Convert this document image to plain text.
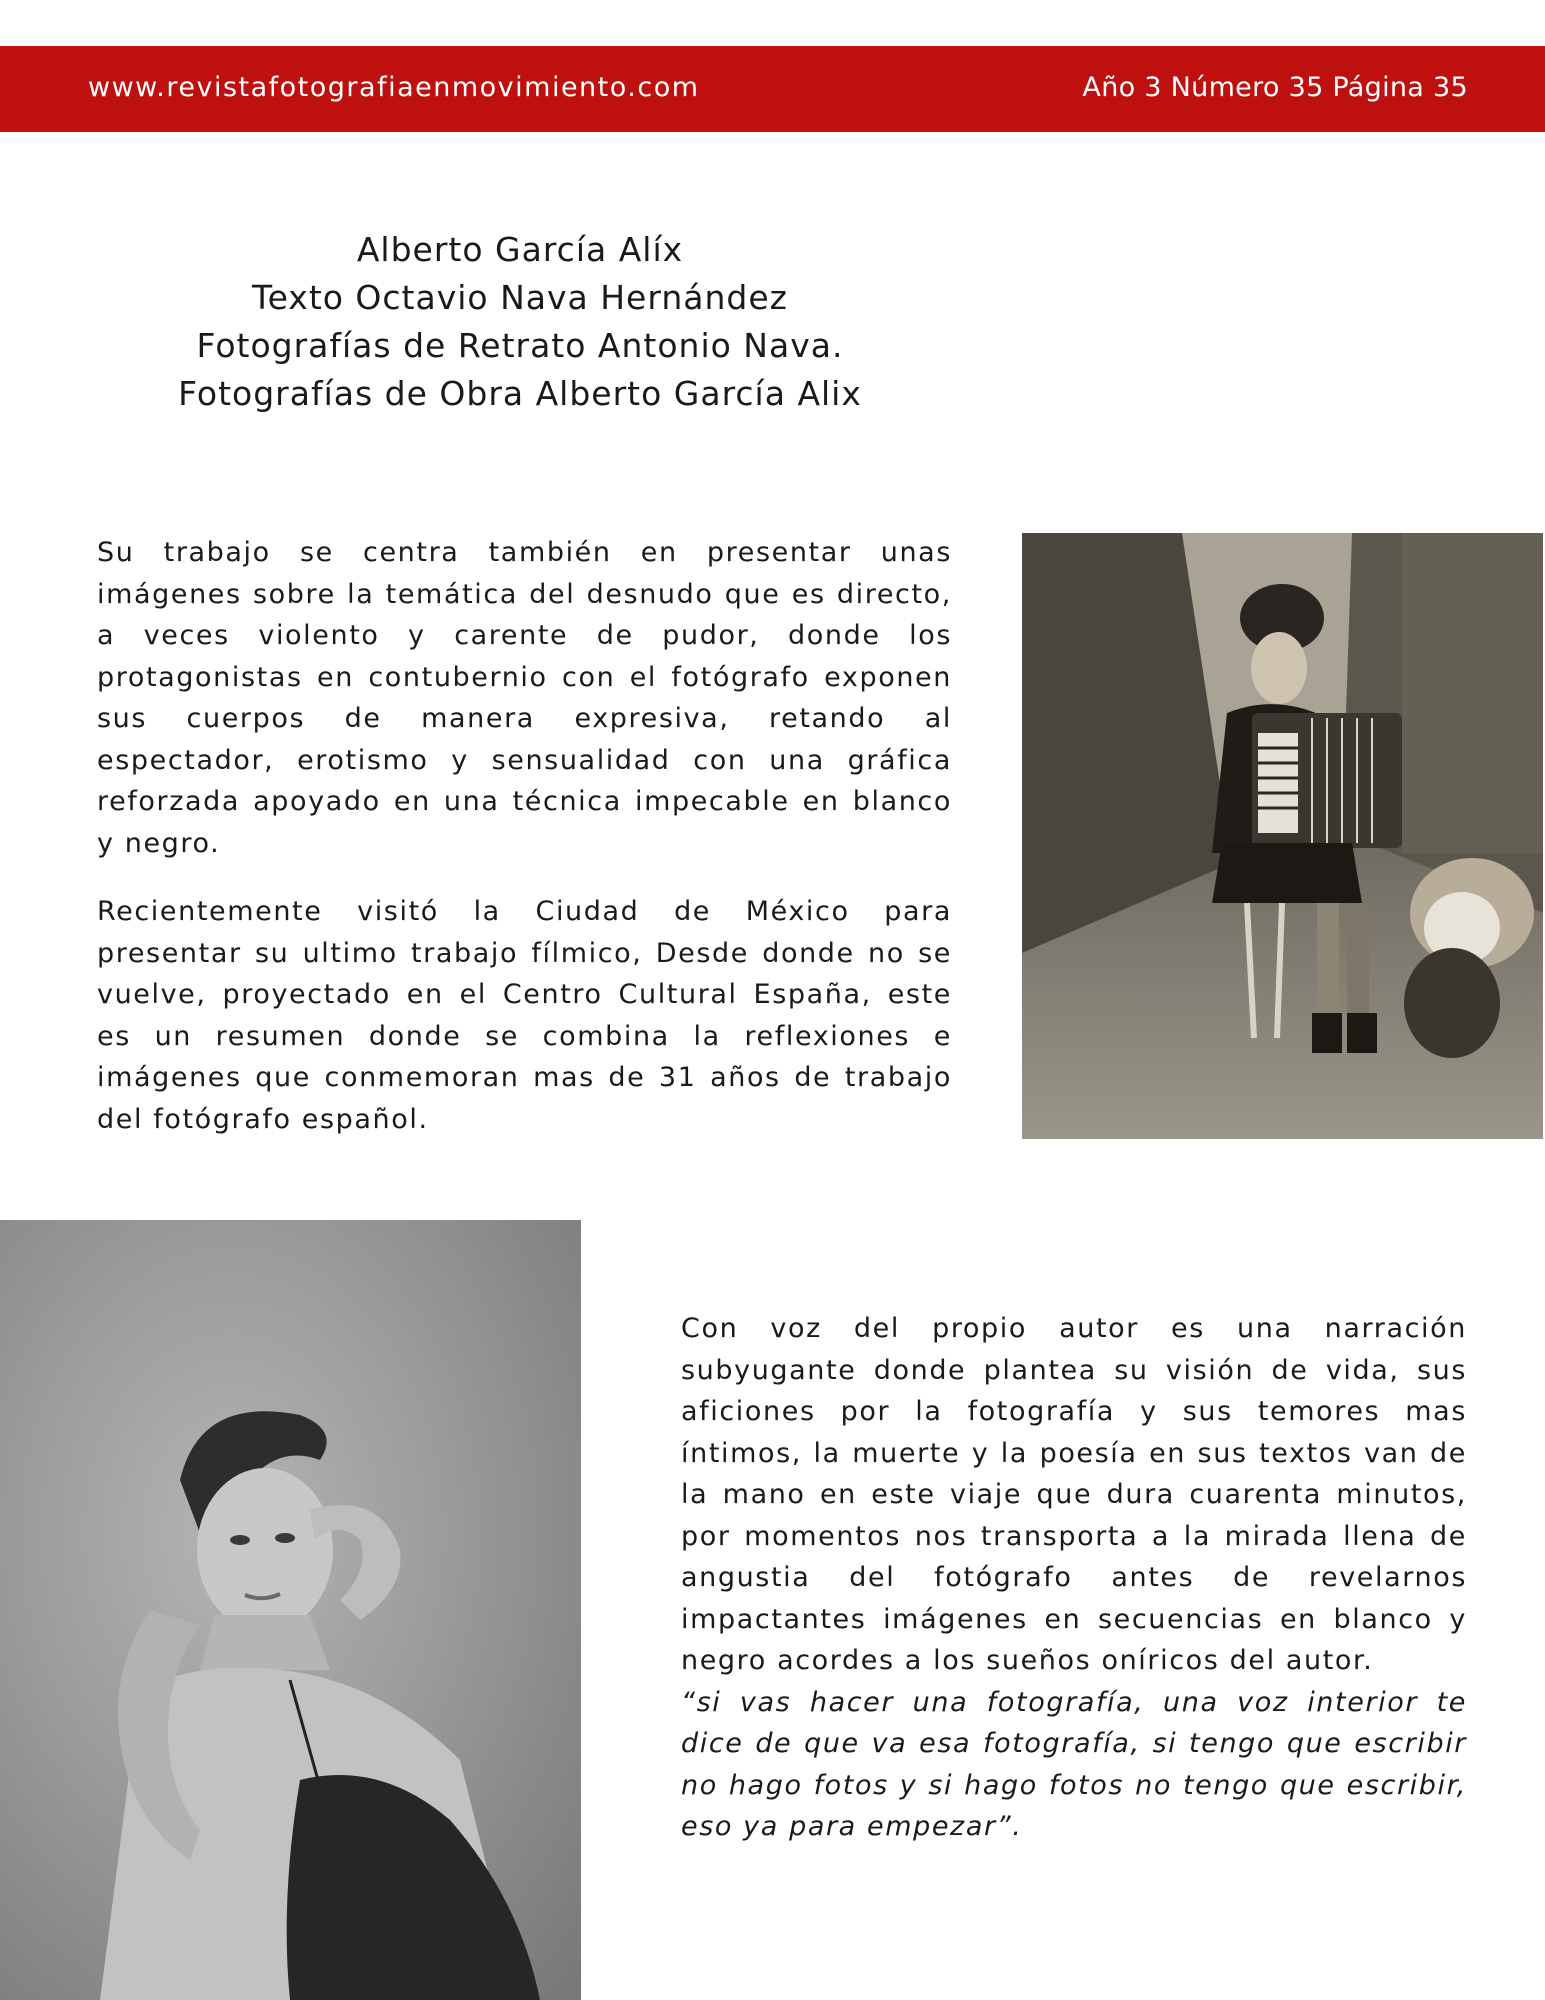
www.revistafotografiaenmovimiento.com	Año 3 Número 35 Página 35
Alberto García Alíx
Texto Octavio Nava Hernández
Fotografías de Retrato Antonio Nava.
Fotografías de Obra Alberto García Alix

Su trabajo se centra también en presentar unas imágenes sobre la temática del desnudo que es directo, a veces violento y carente de pudor, donde los protagonistas en contubernio con el fotógrafo exponen sus cuerpos de manera expresiva, retando al espectador, erotismo y sensualidad con una gráfica reforzada apoyado en una técnica impecable en blanco y negro.

Recientemente visitó la Ciudad de México para presentar su ultimo trabajo fílmico, Desde donde no se vuelve, proyectado en el Centro Cultural España, este es un resumen donde se combina la reflexiones e imágenes que conmemoran mas de 31 años de trabajo del fotógrafo español.

Con voz del propio autor es una narración subyugante donde plantea su visión de vida, sus aficiones por la fotografía y sus temores mas íntimos, la muerte y la poesía en sus textos van de la mano en este viaje que dura cuarenta minutos, por momentos nos transporta a la mirada llena de angustia del fotógrafo antes de revelarnos impactantes imágenes en secuencias en blanco y negro acordes a los sueños oníricos del autor.

“si vas hacer una fotografía, una voz interior te dice de que va esa fotografía, si tengo que escribir no hago fotos y si hago fotos no tengo que escribir, eso ya para empezar”.
